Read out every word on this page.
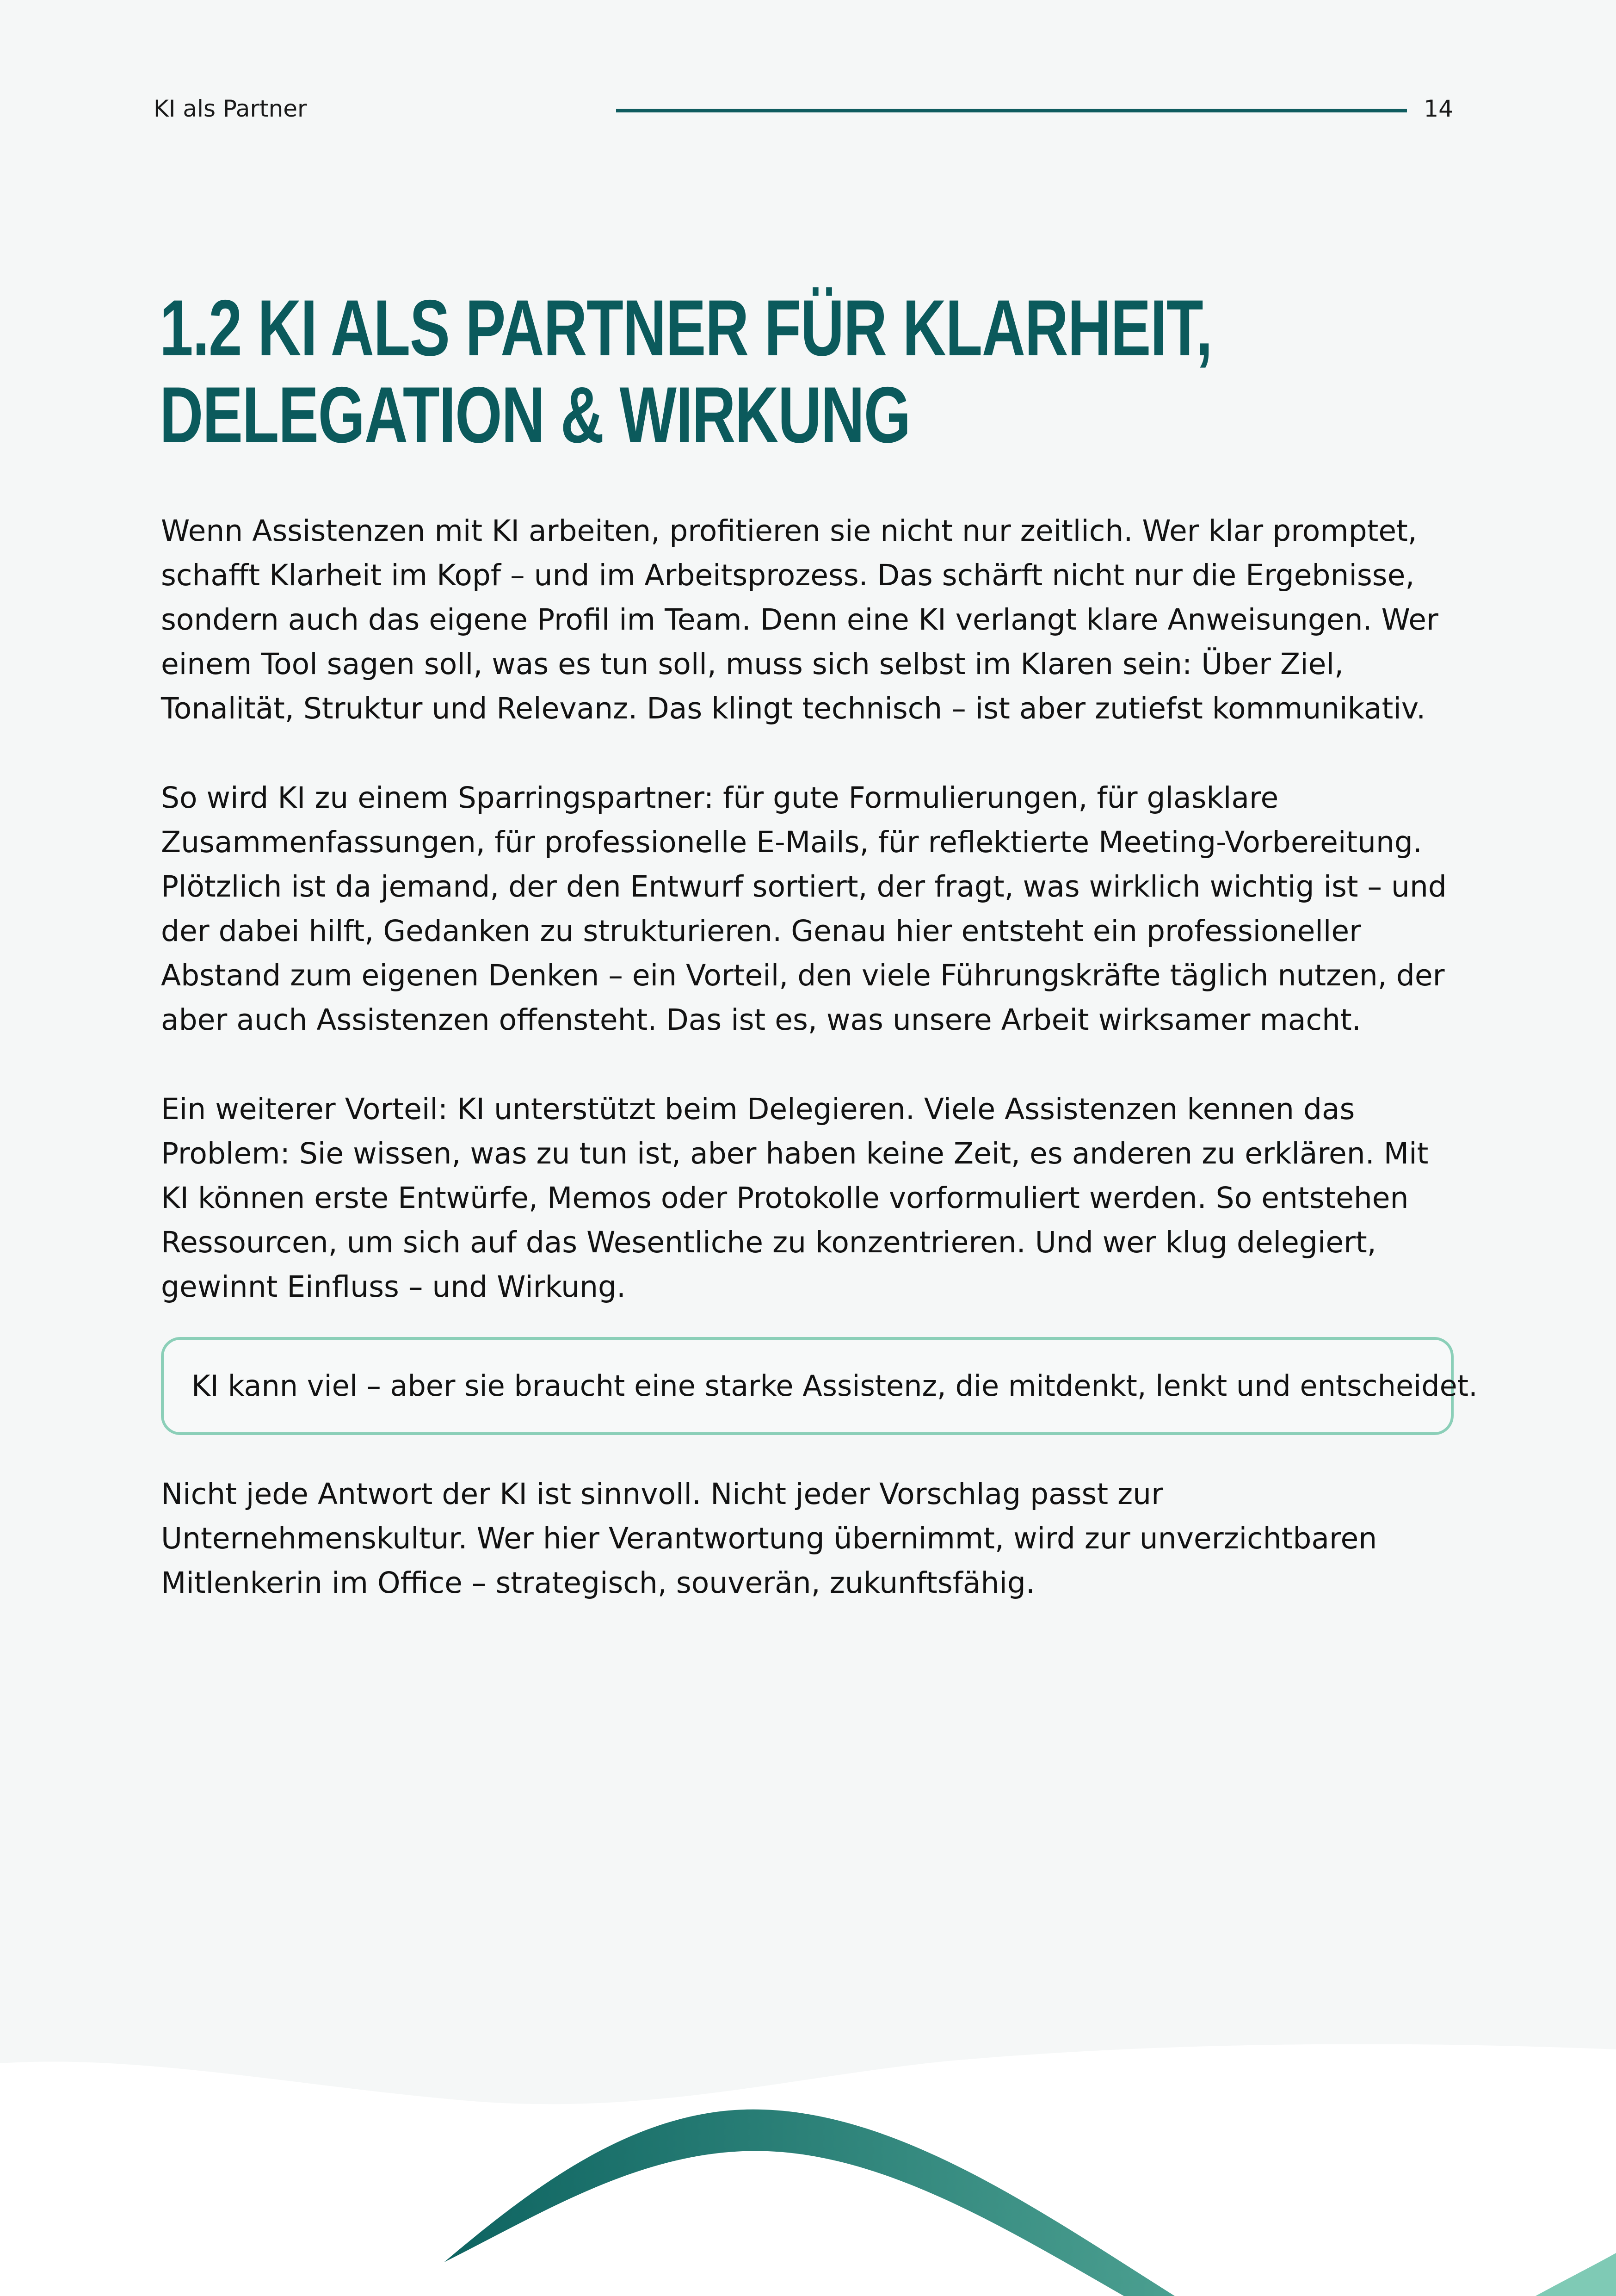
KI als Partner	14
1.2 KI ALS PARTNER FÜR KLARHEIT, DELEGATION & WIRKUNG

Wenn Assistenzen mit KI arbeiten, profitieren sie nicht nur zeitlich. Wer klar promptet, schafft Klarheit im Kopf – und im Arbeitsprozess. Das schärft nicht nur die Ergebnisse, sondern auch das eigene Profil im Team. Denn eine KI verlangt klare Anweisungen. Wer einem Tool sagen soll, was es tun soll, muss sich selbst im Klaren sein: Über Ziel, Tonalität, Struktur und Relevanz. Das klingt technisch – ist aber zutiefst kommunikativ.

So wird KI zu einem Sparringspartner: für gute Formulierungen, für glasklare Zusammenfassungen, für professionelle E-Mails, für reflektierte Meeting-Vorbereitung. Plötzlich ist da jemand, der den Entwurf sortiert, der fragt, was wirklich wichtig ist – und der dabei hilft, Gedanken zu strukturieren. Genau hier entsteht ein professioneller Abstand zum eigenen Denken – ein Vorteil, den viele Führungskräfte täglich nutzen, der aber auch Assistenzen offensteht. Das ist es, was unsere Arbeit wirksamer macht.

Ein weiterer Vorteil: KI unterstützt beim Delegieren. Viele Assistenzen kennen das Problem: Sie wissen, was zu tun ist, aber haben keine Zeit, es anderen zu erklären. Mit KI können erste Entwürfe, Memos oder Protokolle vorformuliert werden. So entstehen Ressourcen, um sich auf das Wesentliche zu konzentrieren. Und wer klug delegiert, gewinnt Einfluss – und Wirkung.

KI kann viel – aber sie braucht eine starke Assistenz, die mitdenkt, lenkt und entscheidet.

Nicht jede Antwort der KI ist sinnvoll. Nicht jeder Vorschlag passt zur Unternehmenskultur. Wer hier Verantwortung übernimmt, wird zur unverzichtbaren Mitlenkerin im Office – strategisch, souverän, zukunftsfähig.
